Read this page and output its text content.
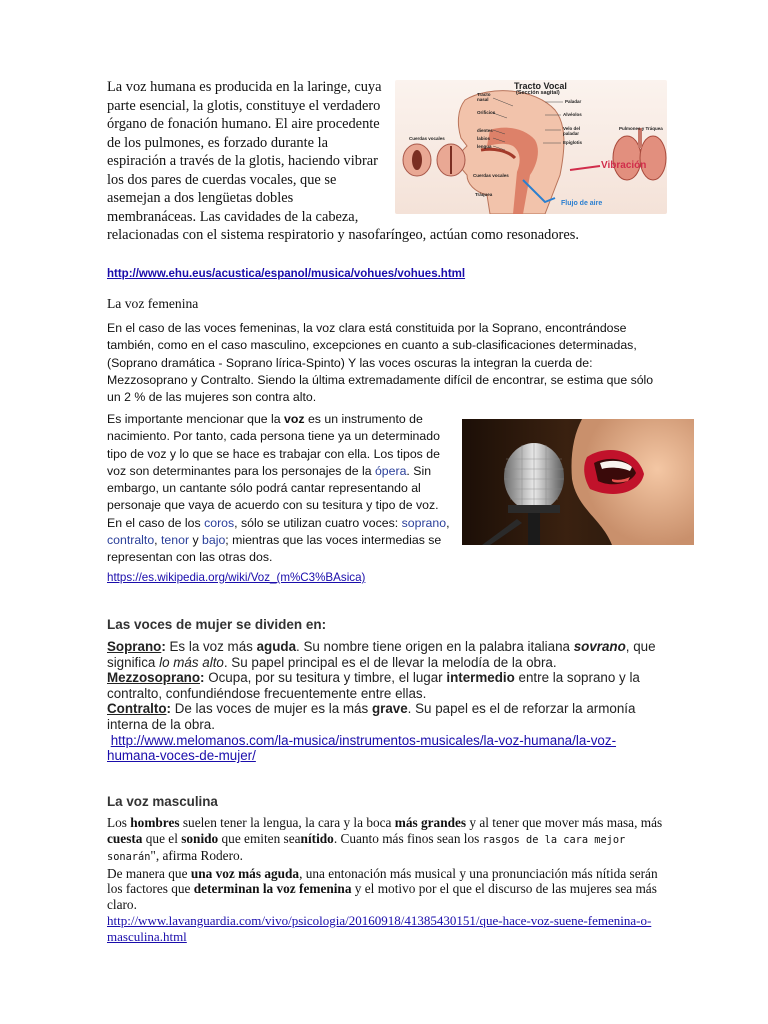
Tracto Vocal
(Sección sagital)
Tracto nasal
Orificios
dientes
labios
lengua
Paladar
Alvéolos
Velo del paladar
Epiglotis
Cuerdas vocales
Pulmones y Tráquea
Vibración
Cuerdas vocales
Tráquea
Flujo de aire

La voz humana es producida en la laringe, cuya parte esencial, la glotis, constituye el verdadero órgano de fonación humano. El aire procedente de los pulmones, es forzado durante la espiración a través de la glotis, haciendo vibrar los dos pares de cuerdas vocales, que se asemejan a dos lengüetas dobles membranáceas. Las cavidades de la cabeza, relacionadas con el sistema respiratorio y nasofaríngeo, actúan como resonadores.

http://www.ehu.eus/acustica/espanol/musica/vohues/vohues.html
La voz femenina

En el caso de las voces femeninas, la voz clara está constituida por la Soprano, encontrándose también, como en el caso masculino, excepciones en cuanto a sub-clasificaciones determinadas, (Soprano dramática - Soprano lírica-Spinto) Y las voces oscuras la integran la cuerda de: Mezzosoprano y Contralto. Siendo la última extremadamente difícil de encontrar, se estima que sólo un 2 % de las mujeres son contra alto.

Es importante mencionar que la voz es un instrumento de nacimiento. Por tanto, cada persona tiene ya un determinado tipo de voz y lo que se hace es trabajar con ella. Los tipos de voz son determinantes para los personajes de la ópera. Sin embargo, un cantante sólo podrá cantar representando al personaje que vaya de acuerdo con su tesitura y tipo de voz. En el caso de los coros, sólo se utilizan cuatro voces: soprano, contralto, tenor y bajo; mientras que las voces intermedias se representan con las otras dos.

https://es.wikipedia.org/wiki/Voz_(m%C3%BAsica)
Las voces de mujer se dividen en:

Soprano: Es la voz más aguda. Su nombre tiene origen en la palabra italiana sovrano, que significa lo más alto. Su papel principal es el de llevar la melodía de la obra.

Mezzosoprano: Ocupa, por su tesitura y timbre, el lugar intermedio entre la soprano y la contralto, confundiéndose frecuentemente entre ellas.

Contralto: De las voces de mujer es la más grave. Su papel es el de reforzar la armonía interna de la obra.

http://www.melomanos.com/la-musica/instrumentos-musicales/la-voz-humana/la-voz-humana-voces-de-mujer/

La voz masculina

Los hombres suelen tener la lengua, la cara y la boca más grandes y al tener que mover más masa, más cuesta que el sonido que emiten seanítido. Cuanto más finos sean los rasgos de la cara mejor sonarán", afirma Rodero.

De manera que una voz más aguda, una entonación más musical y una pronunciación más nítida serán los factores que determinan la voz femenina y el motivo por el que el discurso de las mujeres sea más claro.

http://www.lavanguardia.com/vivo/psicologia/20160918/41385430151/que-hace-voz-suene-femenina-o-masculina.html
